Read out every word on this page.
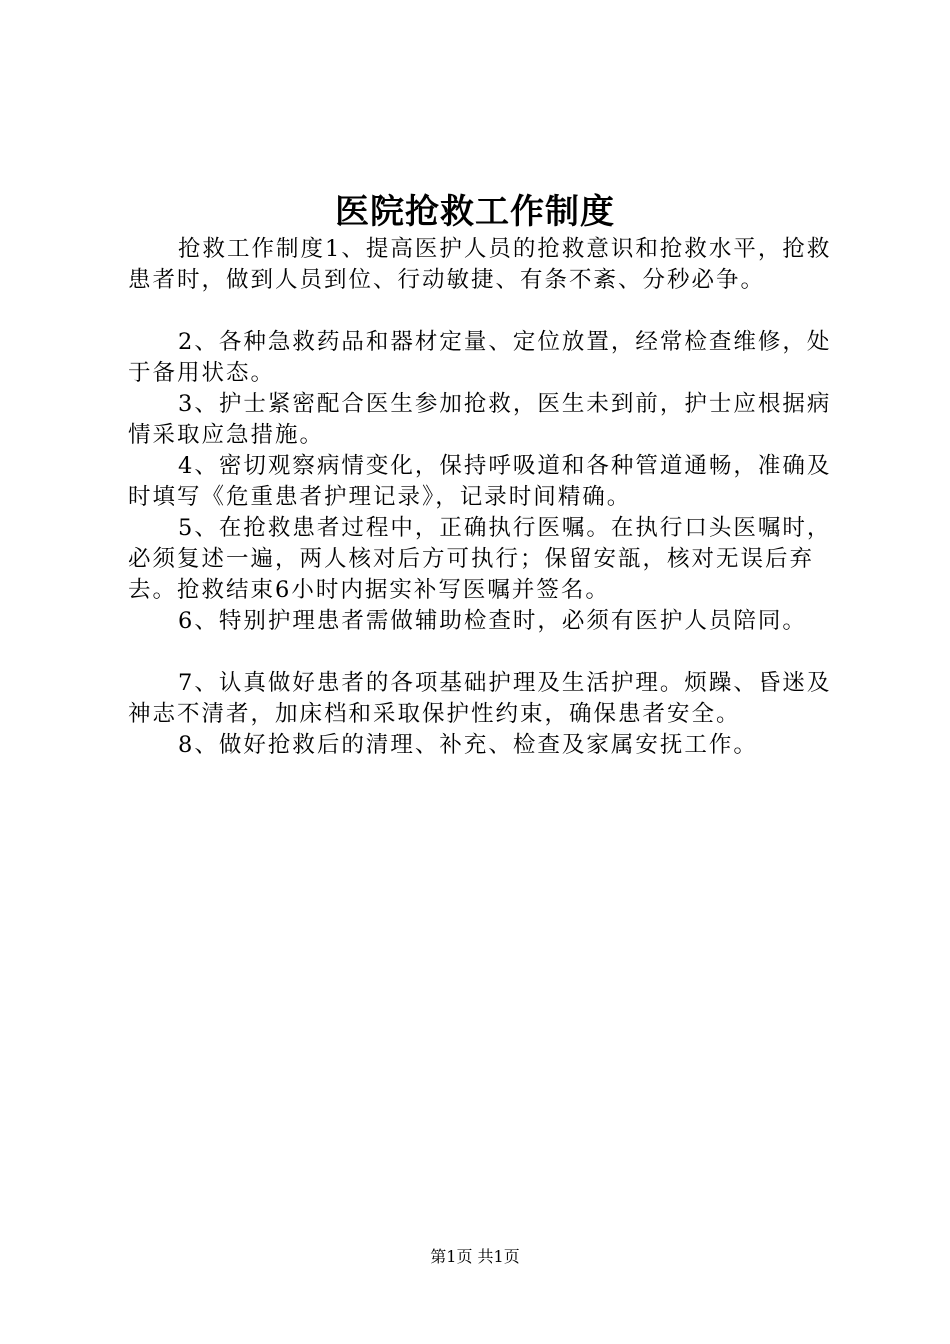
医院抢救工作制度

抢救工作制度1、提高医护人员的抢救意识和抢救水平，抢救患者时，做到人员到位、行动敏捷、有条不紊、分秒必争。

2、各种急救药品和器材定量、定位放置，经常检查维修，处于备用状态。

3、护士紧密配合医生参加抢救，医生未到前，护士应根据病情采取应急措施。

4、密切观察病情变化，保持呼吸道和各种管道通畅，准确及时填写《危重患者护理记录》，记录时间精确。

5、在抢救患者过程中，正确执行医嘱。在执行口头医嘱时，必须复述一遍，两人核对后方可执行；保留安瓿，核对无误后弃去。抢救结束6小时内据实补写医嘱并签名。

6、特别护理患者需做辅助检查时，必须有医护人员陪同。

7、认真做好患者的各项基础护理及生活护理。烦躁、昏迷及神志不清者，加床档和采取保护性约束，确保患者安全。

8、做好抢救后的清理、补充、检查及家属安抚工作。

第1页 共1页
